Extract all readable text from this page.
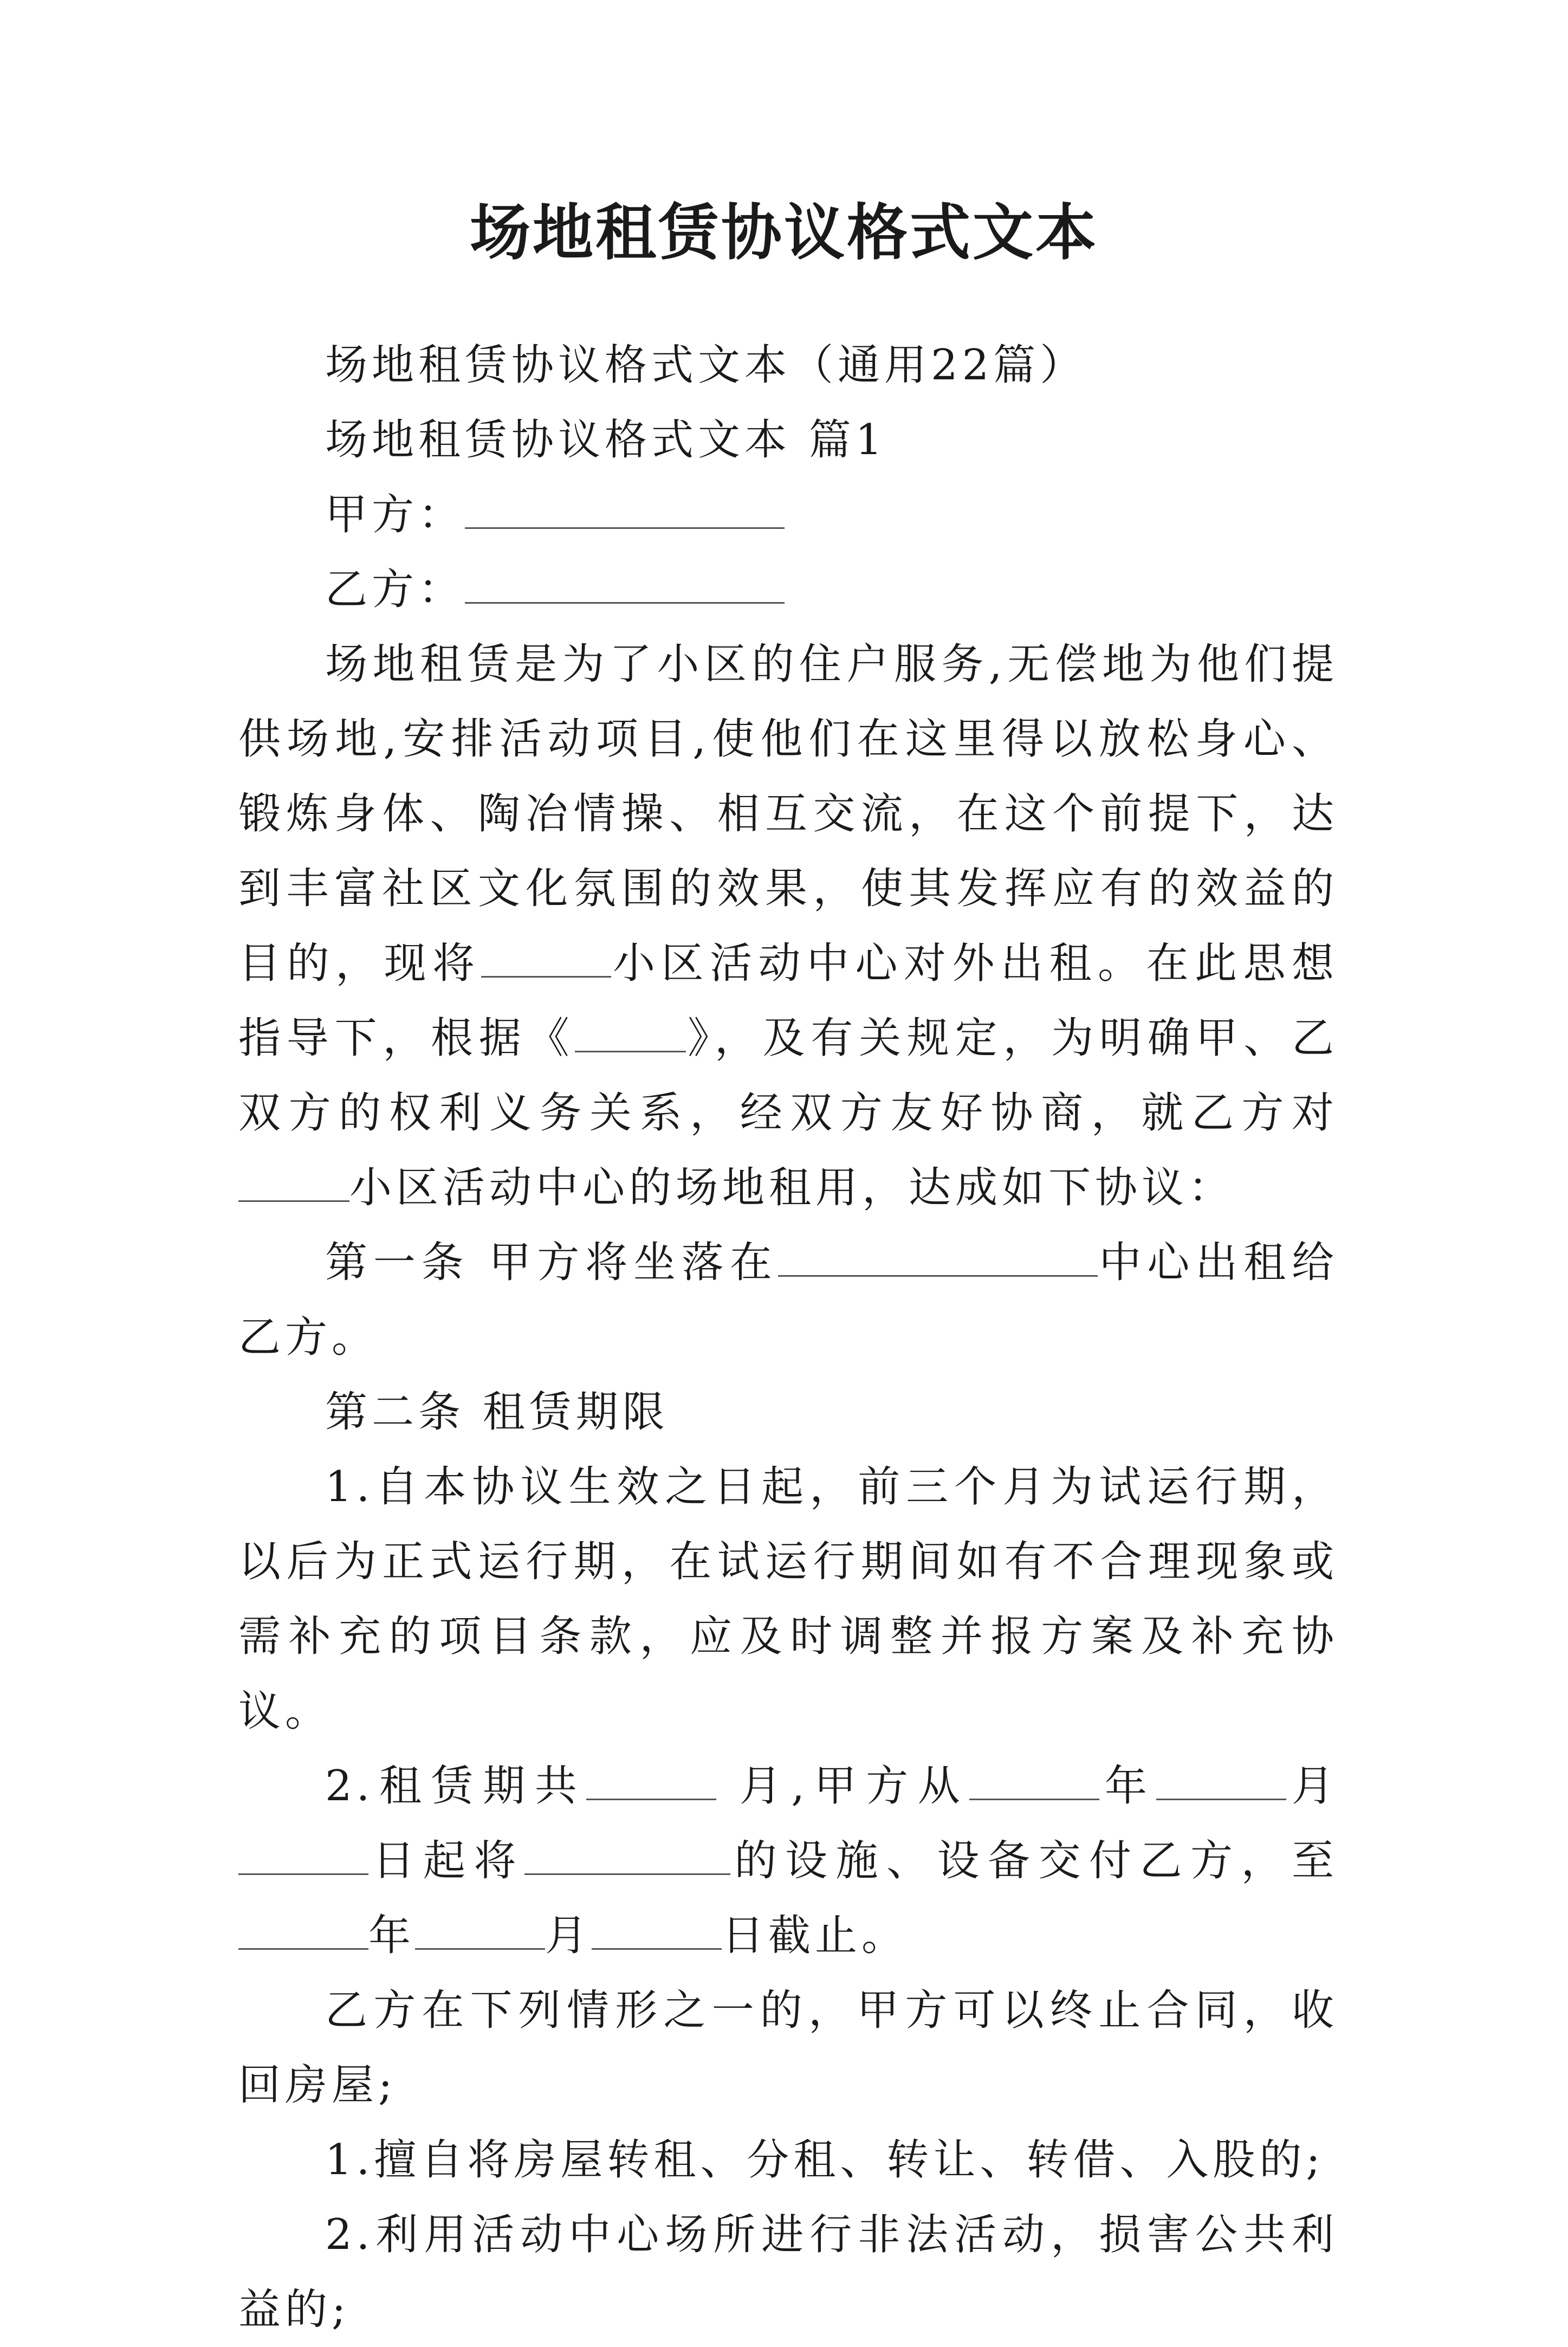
场地租赁协议格式文本

场地租赁协议格式文本（通用22篇）

场地租赁协议格式文本 篇1

甲方：

乙方：

场地租赁是为了小区的住户服务,无偿地为他们提供场地,安排活动项目,使他们在这里得以放松身心、锻炼身体、陶冶情操、相互交流，在这个前提下，达到丰富社区文化氛围的效果，使其发挥应有的效益的目的，现将	小区活动中心对外出租。在此思想指导下，根据《	》，及有关规定，为明确甲、乙双方的权利义务关系，经双方友好协商，就乙方对小区活动中心的场地租用，达成如下协议：

第一条 甲方将坐落在	中心出租给乙方。

第二条 租赁期限

1.自本协议生效之日起，前三个月为试运行期，以后为正式运行期，在试运行期间如有不合理现象或需补充的项目条款，应及时调整并报方案及补充协议。

2.租赁期共	月,甲方从	年	月日起将	的设施、设备交付乙方，至年	月	日截止。

乙方在下列情形之一的，甲方可以终止合同，收回房屋;

1.擅自将房屋转租、分租、转让、转借、入股的;

2.利用活动中心场所进行非法活动，损害公共利益的;
